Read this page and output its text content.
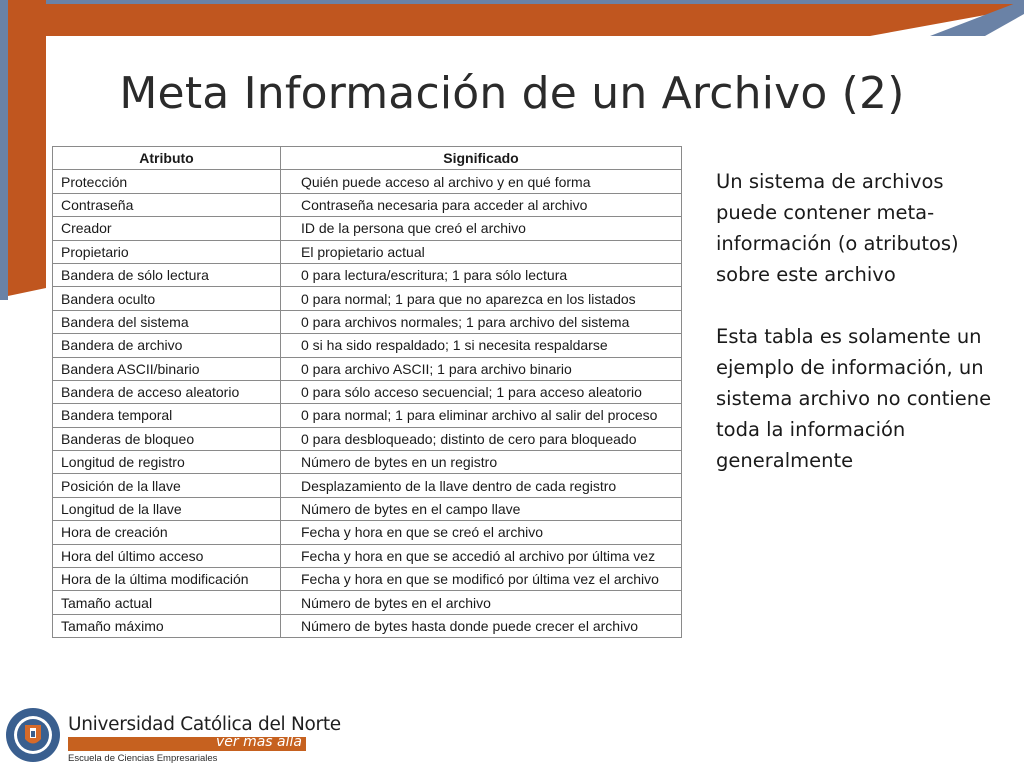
Meta Información de un Archivo (2)
Atributo	Significado
Protección	Quién puede acceso al archivo y en qué forma
Contraseña	Contraseña necesaria para acceder al archivo
Creador	ID de la persona que creó el archivo
Propietario	El propietario actual
Bandera de sólo lectura	0 para lectura/escritura; 1 para sólo lectura
Bandera oculto	0 para normal; 1 para que no aparezca en los listados
Bandera del sistema	0 para archivos normales; 1 para archivo del sistema
Bandera de archivo	0 si ha sido respaldado; 1 si necesita respaldarse
Bandera ASCII/binario	0 para archivo ASCII; 1 para archivo binario
Bandera de acceso aleatorio	0 para sólo acceso secuencial; 1 para acceso aleatorio
Bandera temporal	0 para normal; 1 para eliminar archivo al salir del proceso
Banderas de bloqueo	0 para desbloqueado; distinto de cero para bloqueado
Longitud de registro	Número de bytes en un registro
Posición de la llave	Desplazamiento de la llave dentro de cada registro
Longitud de la llave	Número de bytes en el campo llave
Hora de creación	Fecha y hora en que se creó el archivo
Hora del último acceso	Fecha y hora en que se accedió al archivo por última vez
Hora de la última modificación	Fecha y hora en que se modificó por última vez el archivo
Tamaño actual	Número de bytes en el archivo
Tamaño máximo	Número de bytes hasta donde puede crecer el archivo

Un sistema de archivos puede contener meta-información (o atributos) sobre este archivo

Esta tabla es solamente un ejemplo de información, un sistema archivo no contiene toda la información generalmente

Universidad Católica del Norte
ver más allá
Escuela de Ciencias Empresariales
